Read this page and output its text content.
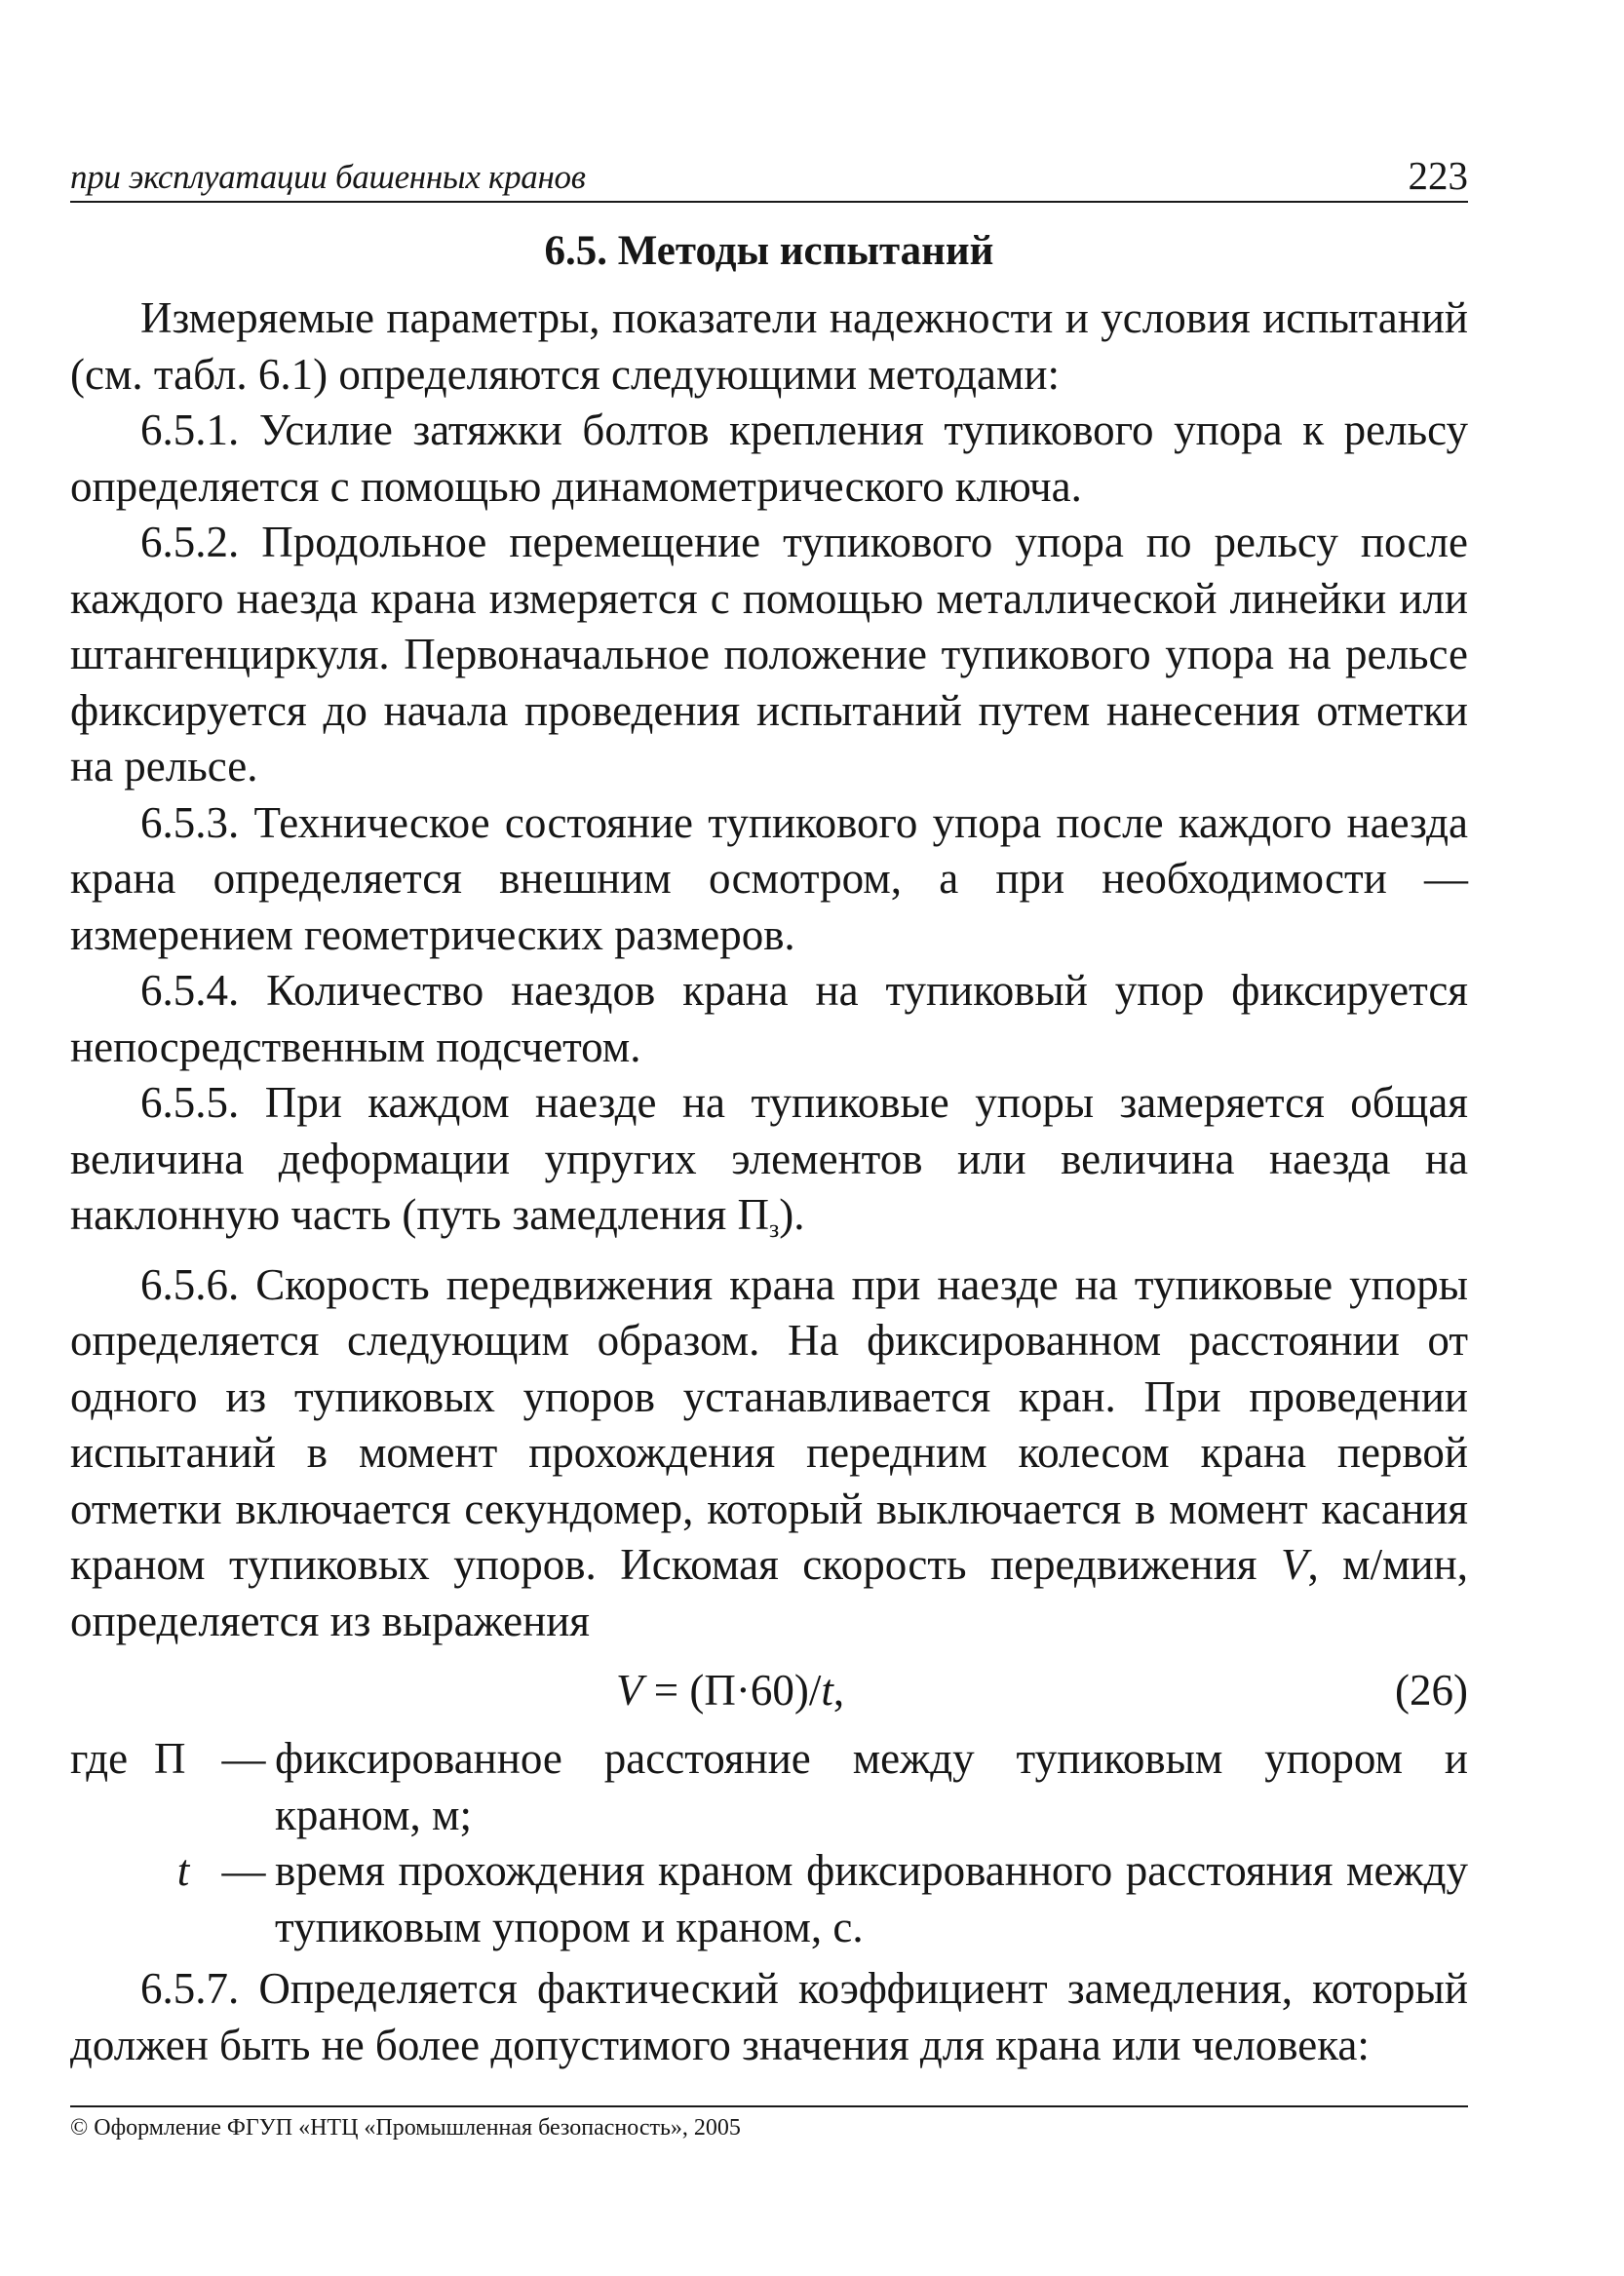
при эксплуатации башенных кранов	223
6.5. Методы испытаний

Измеряемые параметры, показатели надежности и условия испытаний (см. табл. 6.1) определяются следующими методами:

6.5.1. Усилие затяжки болтов крепления тупикового упора к рельсу определяется с помощью динамометрического ключа.

6.5.2. Продольное перемещение тупикового упора по рельсу после каждого наезда крана измеряется с помощью металлической линейки или штангенциркуля. Первоначальное положение тупикового упора на рельсе фиксируется до начала проведения испытаний путем нанесения отметки на рельсе.

6.5.3. Техническое состояние тупикового упора после каждого наезда крана определяется внешним осмотром, а при необходимости — измерением геометрических размеров.

6.5.4. Количество наездов крана на тупиковый упор фиксируется непосредственным подсчетом.

6.5.5. При каждом наезде на тупиковые упоры замеряется общая величина деформации упругих элементов или величина наезда на наклонную часть (путь замедления $П_з$).

6.5.6. Скорость передвижения крана при наезде на тупиковые упоры определяется следующим образом. На фиксированном расстоянии от одного из тупиковых упоров устанавливается кран. При проведении испытаний в момент прохождения передним колесом крана первой отметки включается секундомер, который выключается в момент касания краном тупиковых упоров. Искомая скорость передвижения V, м/мин, определяется из выражения

V = (П·60)/t,	(26)
где П — фиксированное расстояние между тупиковым упором и краном, м;
t — время прохождения краном фиксированного расстояния между тупиковым упором и краном, с.

6.5.7. Определяется фактический коэффициент замедления, который должен быть не более допустимого значения для крана или человека:

© Оформление ФГУП «НТЦ «Промышленная безопасность», 2005
